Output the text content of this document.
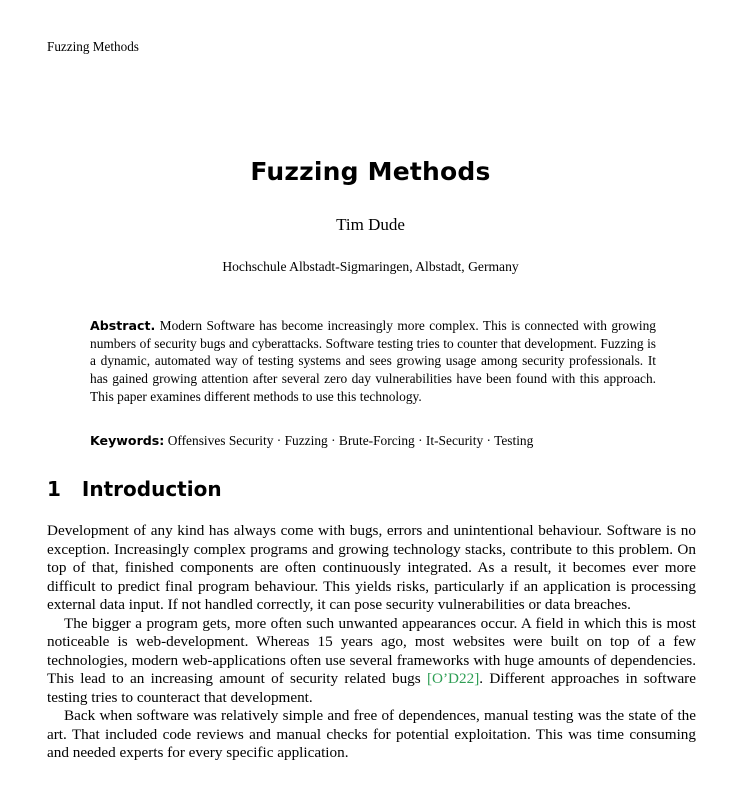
Fuzzing Methods
Fuzzing Methods
Tim Dude
Hochschule Albstadt-Sigmaringen, Albstadt, Germany
Abstract. Modern Software has become increasingly more complex. This is connected with growing numbers of security bugs and cyberattacks. Software testing tries to counter that development. Fuzzing is a dynamic, automated way of testing systems and sees growing usage among security professionals. It has gained growing attention after several zero day vulnerabilities have been found with this approach. This paper examines different methods to use this technology.
Keywords: Offensives Security · Fuzzing · Brute-Forcing · It-Security · Testing
1 Introduction

Development of any kind has always come with bugs, errors and unintentional behaviour. Software is no exception. Increasingly complex programs and growing technology stacks, contribute to this problem. On top of that, finished components are often continuously integrated. As a result, it becomes ever more difficult to predict final program behaviour. This yields risks, particularly if an application is processing external data input. If not handled correctly, it can pose security vulnerabilities or data breaches.

The bigger a program gets, more often such unwanted appearances occur. A field in which this is most noticeable is web-development. Whereas 15 years ago, most websites were built on top of a few technologies, modern web-applications often use several frameworks with huge amounts of dependencies. This lead to an increasing amount of security related bugs [O’D22]. Different approaches in software testing tries to counteract that development.

Back when software was relatively simple and free of dependences, manual testing was the state of the art. That included code reviews and manual checks for potential exploitation. This was time consuming and needed experts for every specific application.
